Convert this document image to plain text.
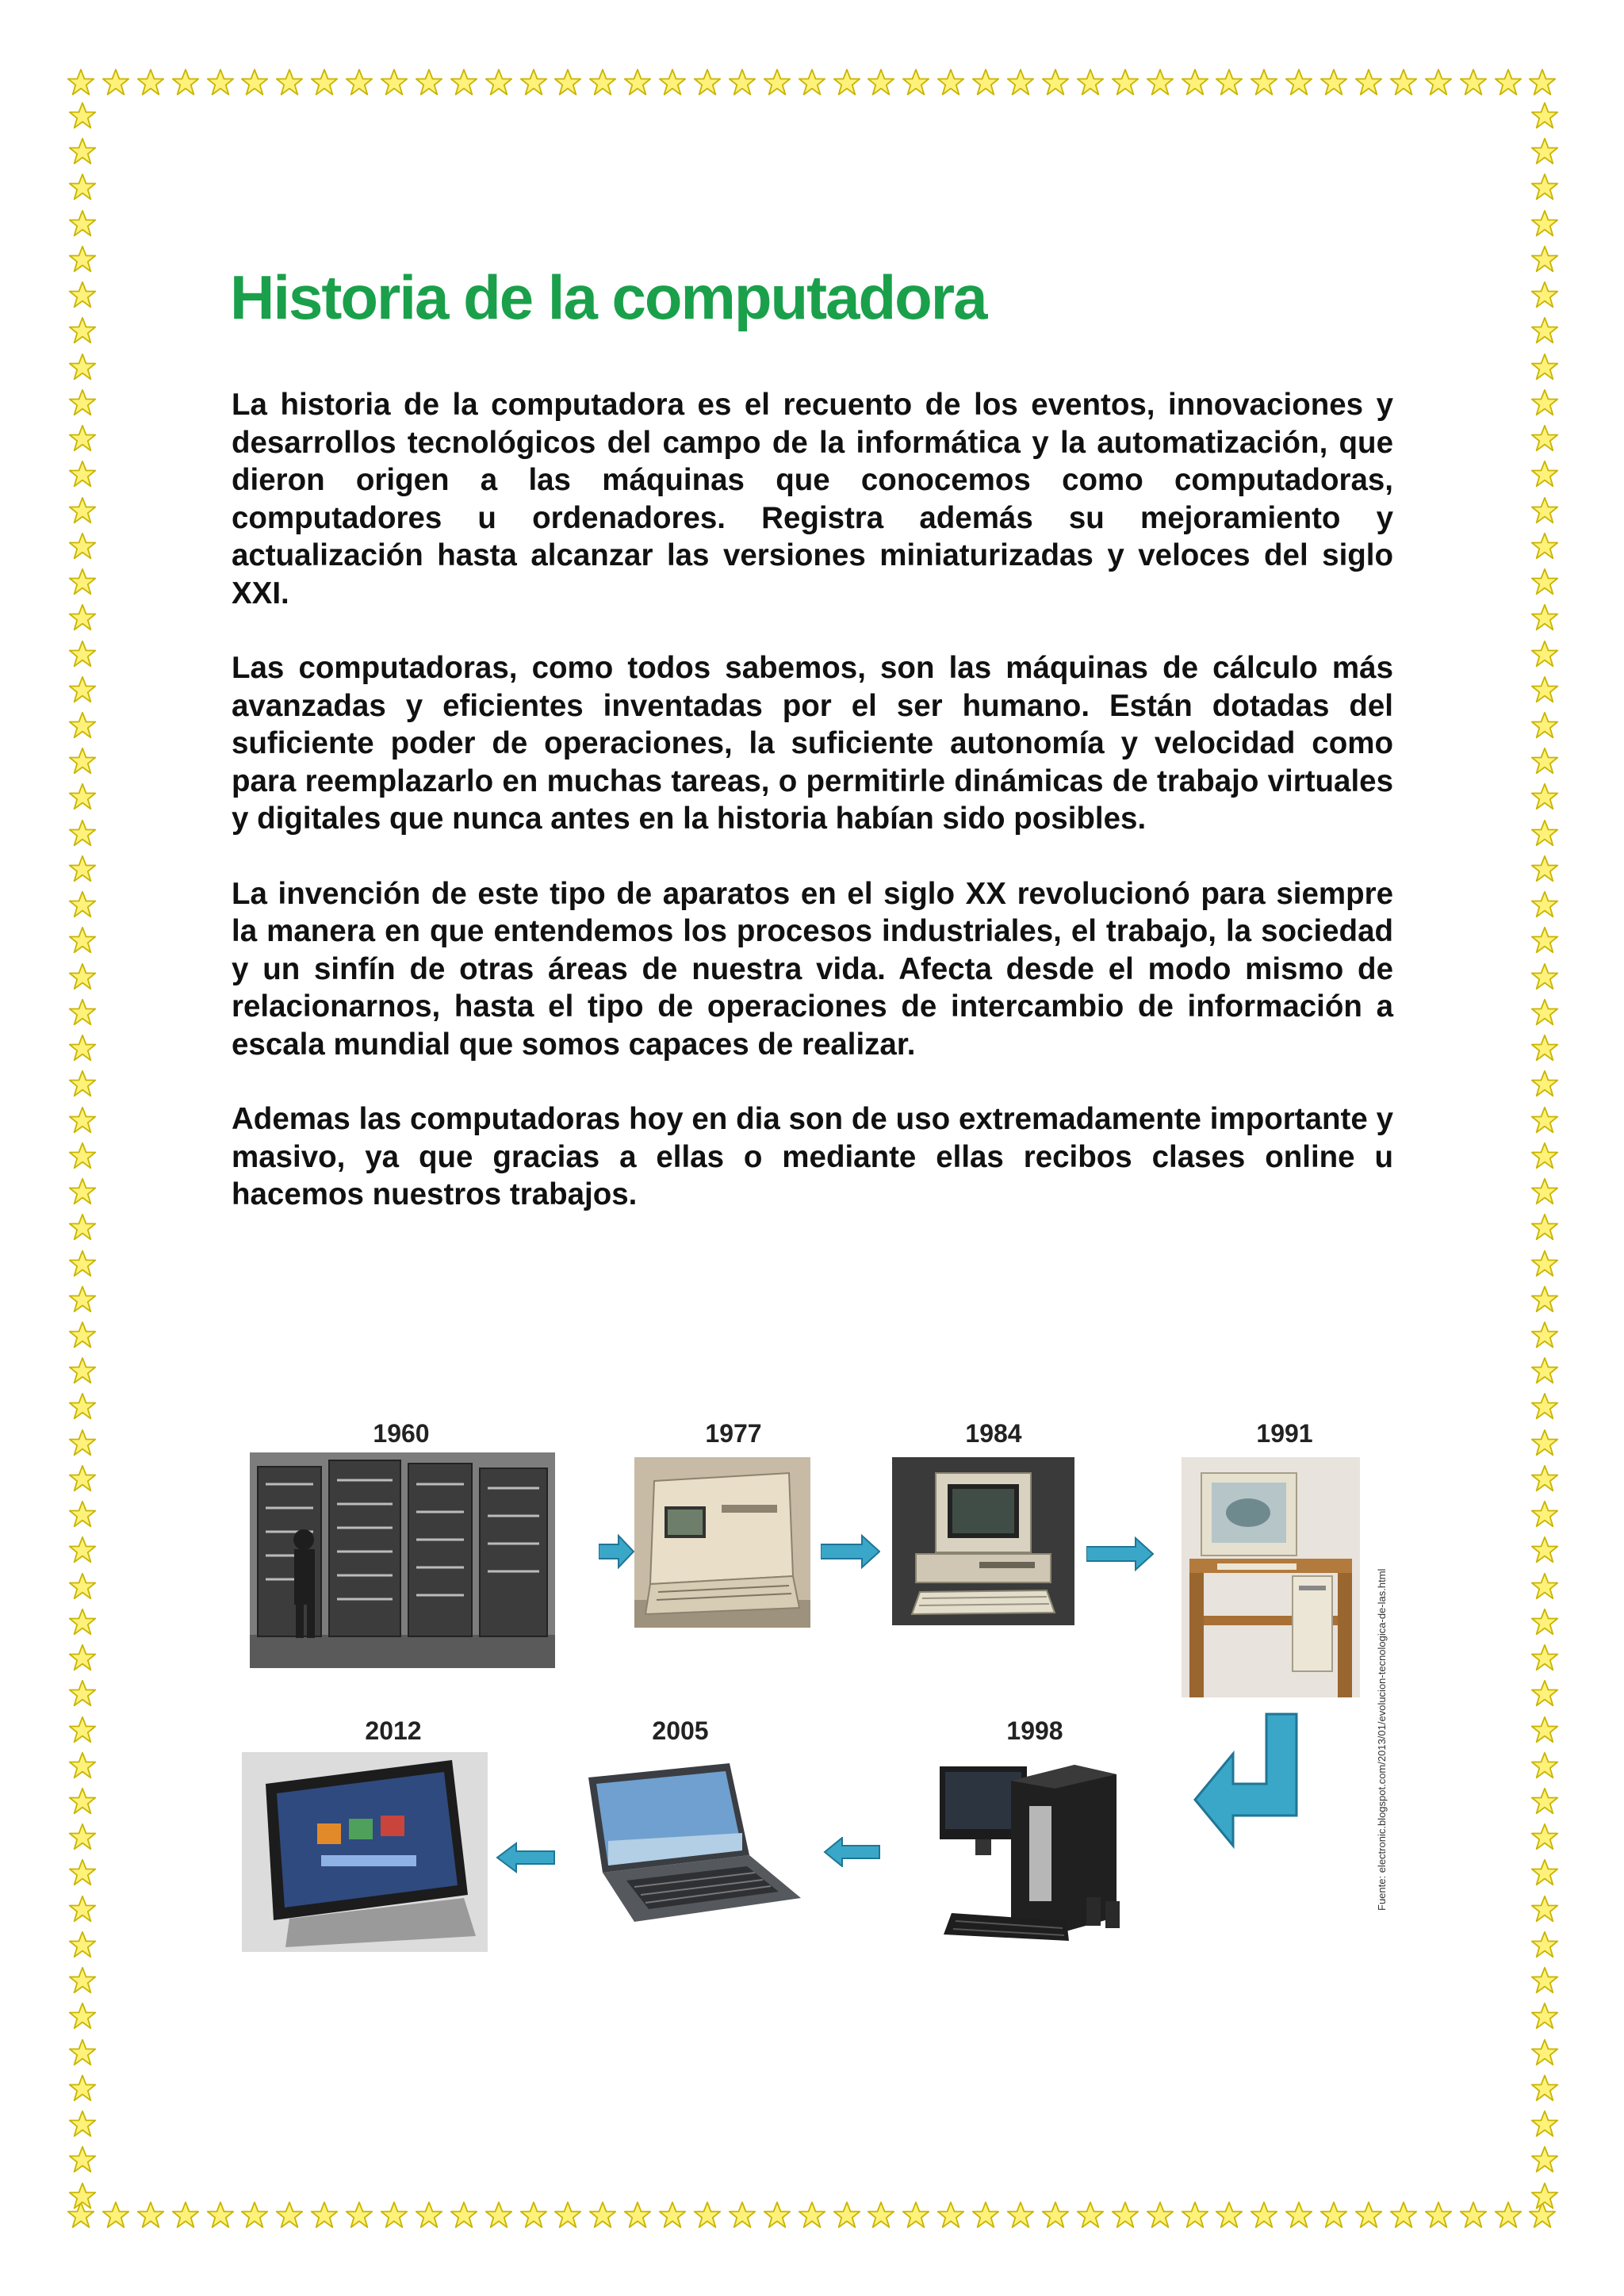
Historia de la computadora

La historia de la computadora es el recuento de los eventos, innovaciones y desarrollos tecnológicos del campo de la informática y la automatización, que dieron origen a las máquinas que conocemos como computadoras, computadores u ordenadores. Registra además su mejoramiento y actualización hasta alcanzar las versiones miniaturizadas y veloces del siglo XXI.

Las computadoras, como todos sabemos, son las máquinas de cálculo más avanzadas y eficientes inventadas por el ser humano. Están dotadas del suficiente poder de operaciones, la suficiente autonomía y velocidad como para reemplazarlo en muchas tareas, o permitirle dinámicas de trabajo virtuales y digitales que nunca antes en la historia habían sido posibles.

La invención de este tipo de aparatos en el siglo XX revolucionó para siempre la manera en que entendemos los procesos industriales, el trabajo, la sociedad y un sinfín de otras áreas de nuestra vida. Afecta desde el modo mismo de relacionarnos, hasta el tipo de operaciones de intercambio de información a escala mundial que somos capaces de realizar.

Ademas las computadoras hoy en dia son de uso extremadamente importante y masivo, ya que gracias a ellas o mediante ellas recibos clases online u hacemos nuestros trabajos.

1960	1977	1984	1991
1998
2005
2012	Fuente: electronic.blogspot.com/2013/01/evolucion-tecnologica-de-las.html
